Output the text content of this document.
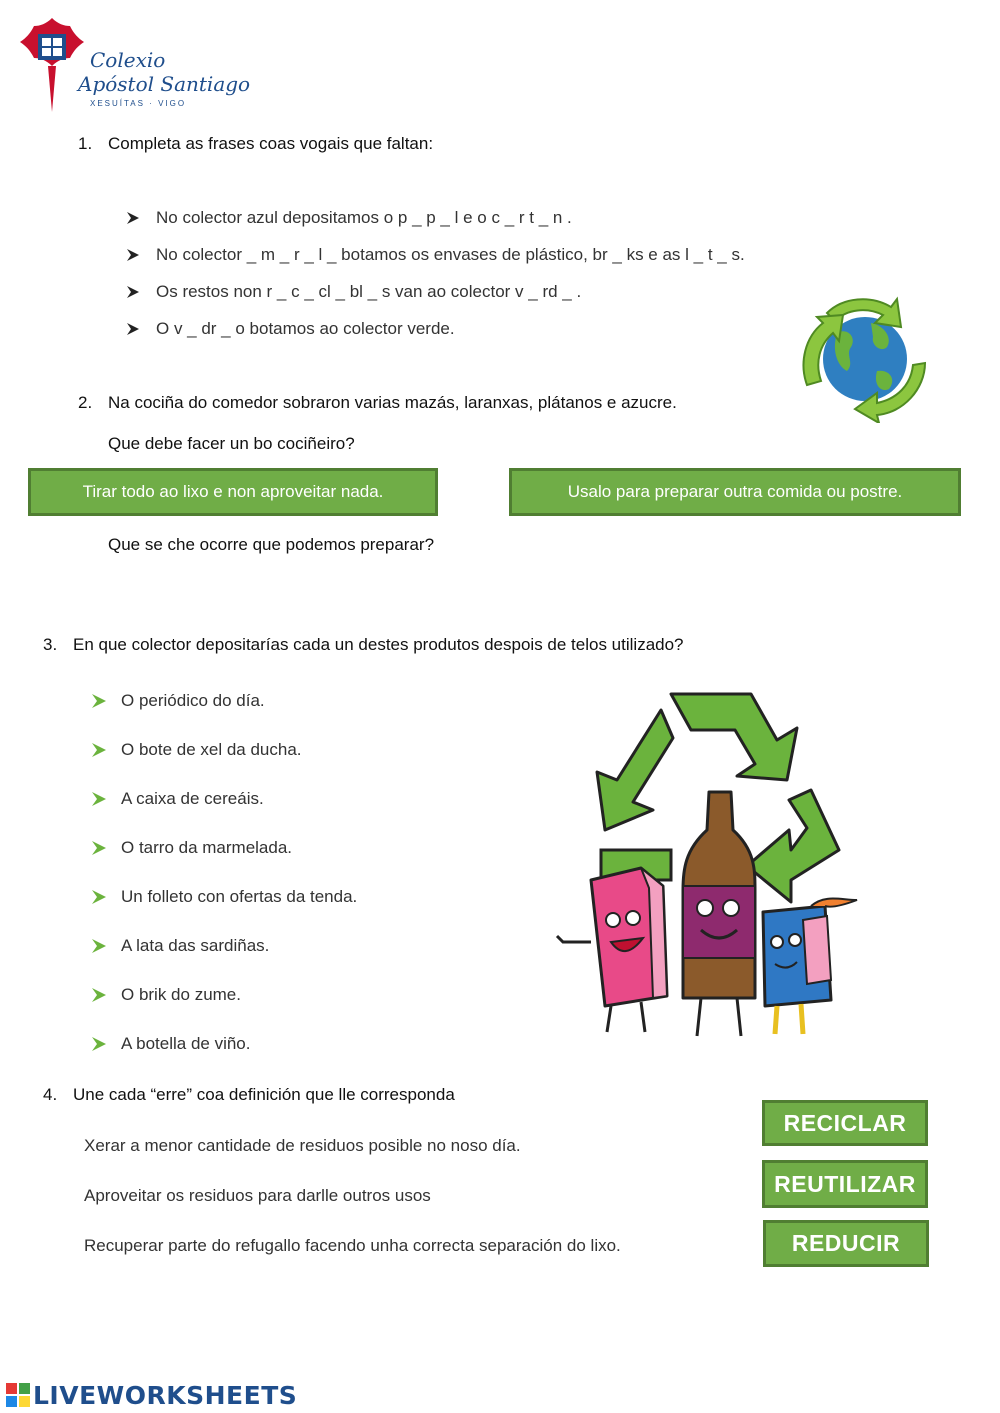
Colexio
Apóstol Santiago
XESUÍTAS · VIGO
1. Completa as frases coas vogais que faltan:
No colector azul depositamos o p _ p _ l e o c _ r t _ n .
No colector _ m _ r _ l _ botamos os envases de plástico, br _ ks e as l _ t _ s.
Os restos non r _ c _ cl _ bl _ s van ao colector v _ rd _ .
O v _ dr _ o botamos ao colector verde.
2. Na cociña do comedor sobraron varias mazás, laranxas, plátanos e azucre.
Que debe facer un bo cociñeiro?
Tirar todo ao lixo e non aproveitar nada.	Usalo para preparar outra comida ou postre.
Que se che ocorre que podemos preparar?
3. En que colector depositarías cada un destes produtos despois de telos utilizado?
O periódico do día.
O bote de xel da ducha.
A caixa de cereáis.
O tarro da marmelada.
Un folleto con ofertas da tenda.
A lata das sardiñas.
O brik do zume.
A botella de viño.
4. Une cada “erre” coa definición que lle corresponda
Xerar a menor cantidade de residuos posible no noso día.
Aproveitar os residuos para darlle outros usos
Recuperar parte do refugallo facendo unha correcta separación do lixo.
RECICLAR
REUTILIZAR
REDUCIR
LIVEWORKSHEETS
